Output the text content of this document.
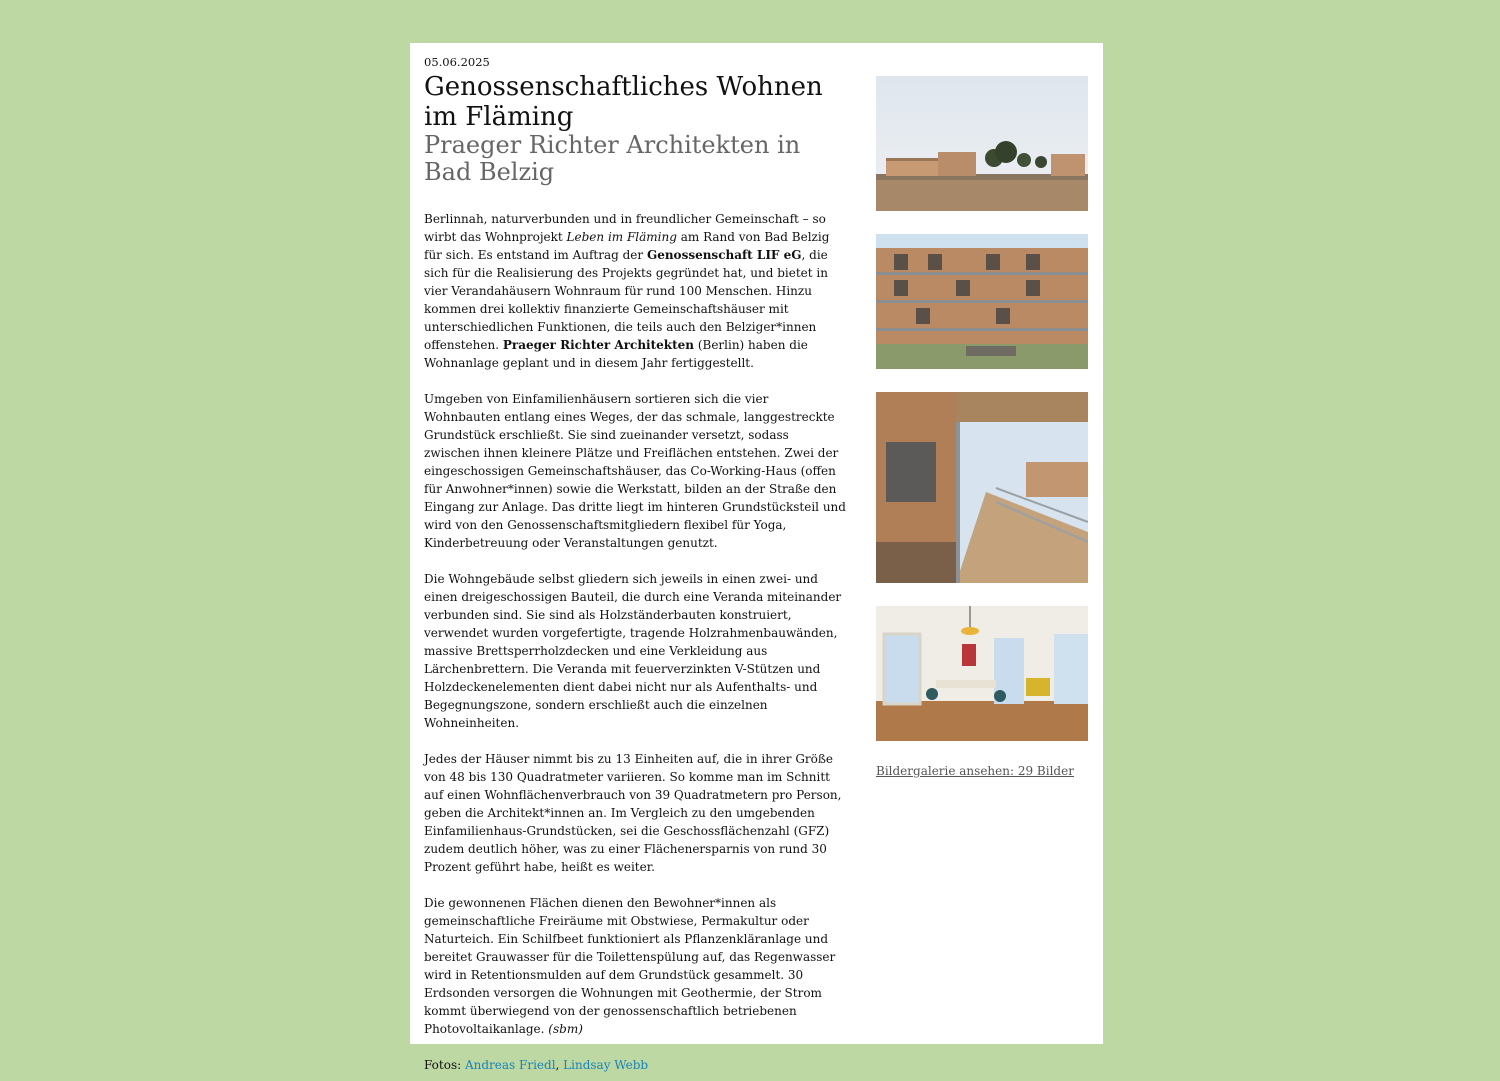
05.06.2025
Genossenschaftliches Wohnen im Fläming
Praeger Richter Architekten in Bad Belzig

Berlinnah, naturverbunden und in freundlicher Gemeinschaft – so wirbt das Wohnprojekt Leben im Fläming am Rand von Bad Belzig für sich. Es entstand im Auftrag der Genossenschaft LIF eG, die sich für die Realisierung des Projekts gegründet hat, und bietet in vier Verandahäusern Wohnraum für rund 100 Menschen. Hinzu kommen drei kollektiv finanzierte Gemeinschaftshäuser mit unterschiedlichen Funktionen, die teils auch den Belziger*innen offenstehen. Praeger Richter Architekten (Berlin) haben die Wohnanlage geplant und in diesem Jahr fertiggestellt.

Umgeben von Einfamilienhäusern sortieren sich die vier Wohnbauten entlang eines Weges, der das schmale, langgestreckte Grundstück erschließt. Sie sind zueinander versetzt, sodass zwischen ihnen kleinere Plätze und Freiflächen entstehen. Zwei der eingeschossigen Gemeinschaftshäuser, das Co-Working-Haus (offen für Anwohner*innen) sowie die Werkstatt, bilden an der Straße den Eingang zur Anlage. Das dritte liegt im hinteren Grundstücksteil und wird von den Genossenschaftsmitgliedern flexibel für Yoga, Kinderbetreuung oder Veranstaltungen genutzt.

Die Wohngebäude selbst gliedern sich jeweils in einen zwei- und einen dreigeschossigen Bauteil, die durch eine Veranda miteinander verbunden sind. Sie sind als Holzständerbauten konstruiert, verwendet wurden vorgefertigte, tragende Holzrahmenbauwänden, massive Brettsperrholzdecken und eine Verkleidung aus Lärchenbrettern. Die Veranda mit feuerverzinkten V-Stützen und Holzdeckenelementen dient dabei nicht nur als Aufenthalts- und Begegnungszone, sondern erschließt auch die einzelnen Wohneinheiten.

Jedes der Häuser nimmt bis zu 13 Einheiten auf, die in ihrer Größe von 48 bis 130 Quadratmeter variieren. So komme man im Schnitt auf einen Wohnflächenverbrauch von 39 Quadratmetern pro Person, geben die Architekt*innen an. Im Vergleich zu den umgebenden Einfamilienhaus-Grundstücken, sei die Geschossflächenzahl (GFZ) zudem deutlich höher, was zu einer Flächenersparnis von rund 30 Prozent geführt habe, heißt es weiter.

Die gewonnenen Flächen dienen den Bewohner*innen als gemeinschaftliche Freiräume mit Obstwiese, Permakultur oder Naturteich. Ein Schilfbeet funktioniert als Pflanzenkläranlage und bereitet Grauwasser für die Toilettenspülung auf, das Regenwasser wird in Retentionsmulden auf dem Grundstück gesammelt. 30 Erdsonden versorgen die Wohnungen mit Geothermie, der Strom kommt überwiegend von der genossenschaftlich betriebenen Photovoltaikanlage. (sbm)

Fotos: Andreas Friedl, Lindsay Webb

Bildergalerie ansehen: 29 Bilder
